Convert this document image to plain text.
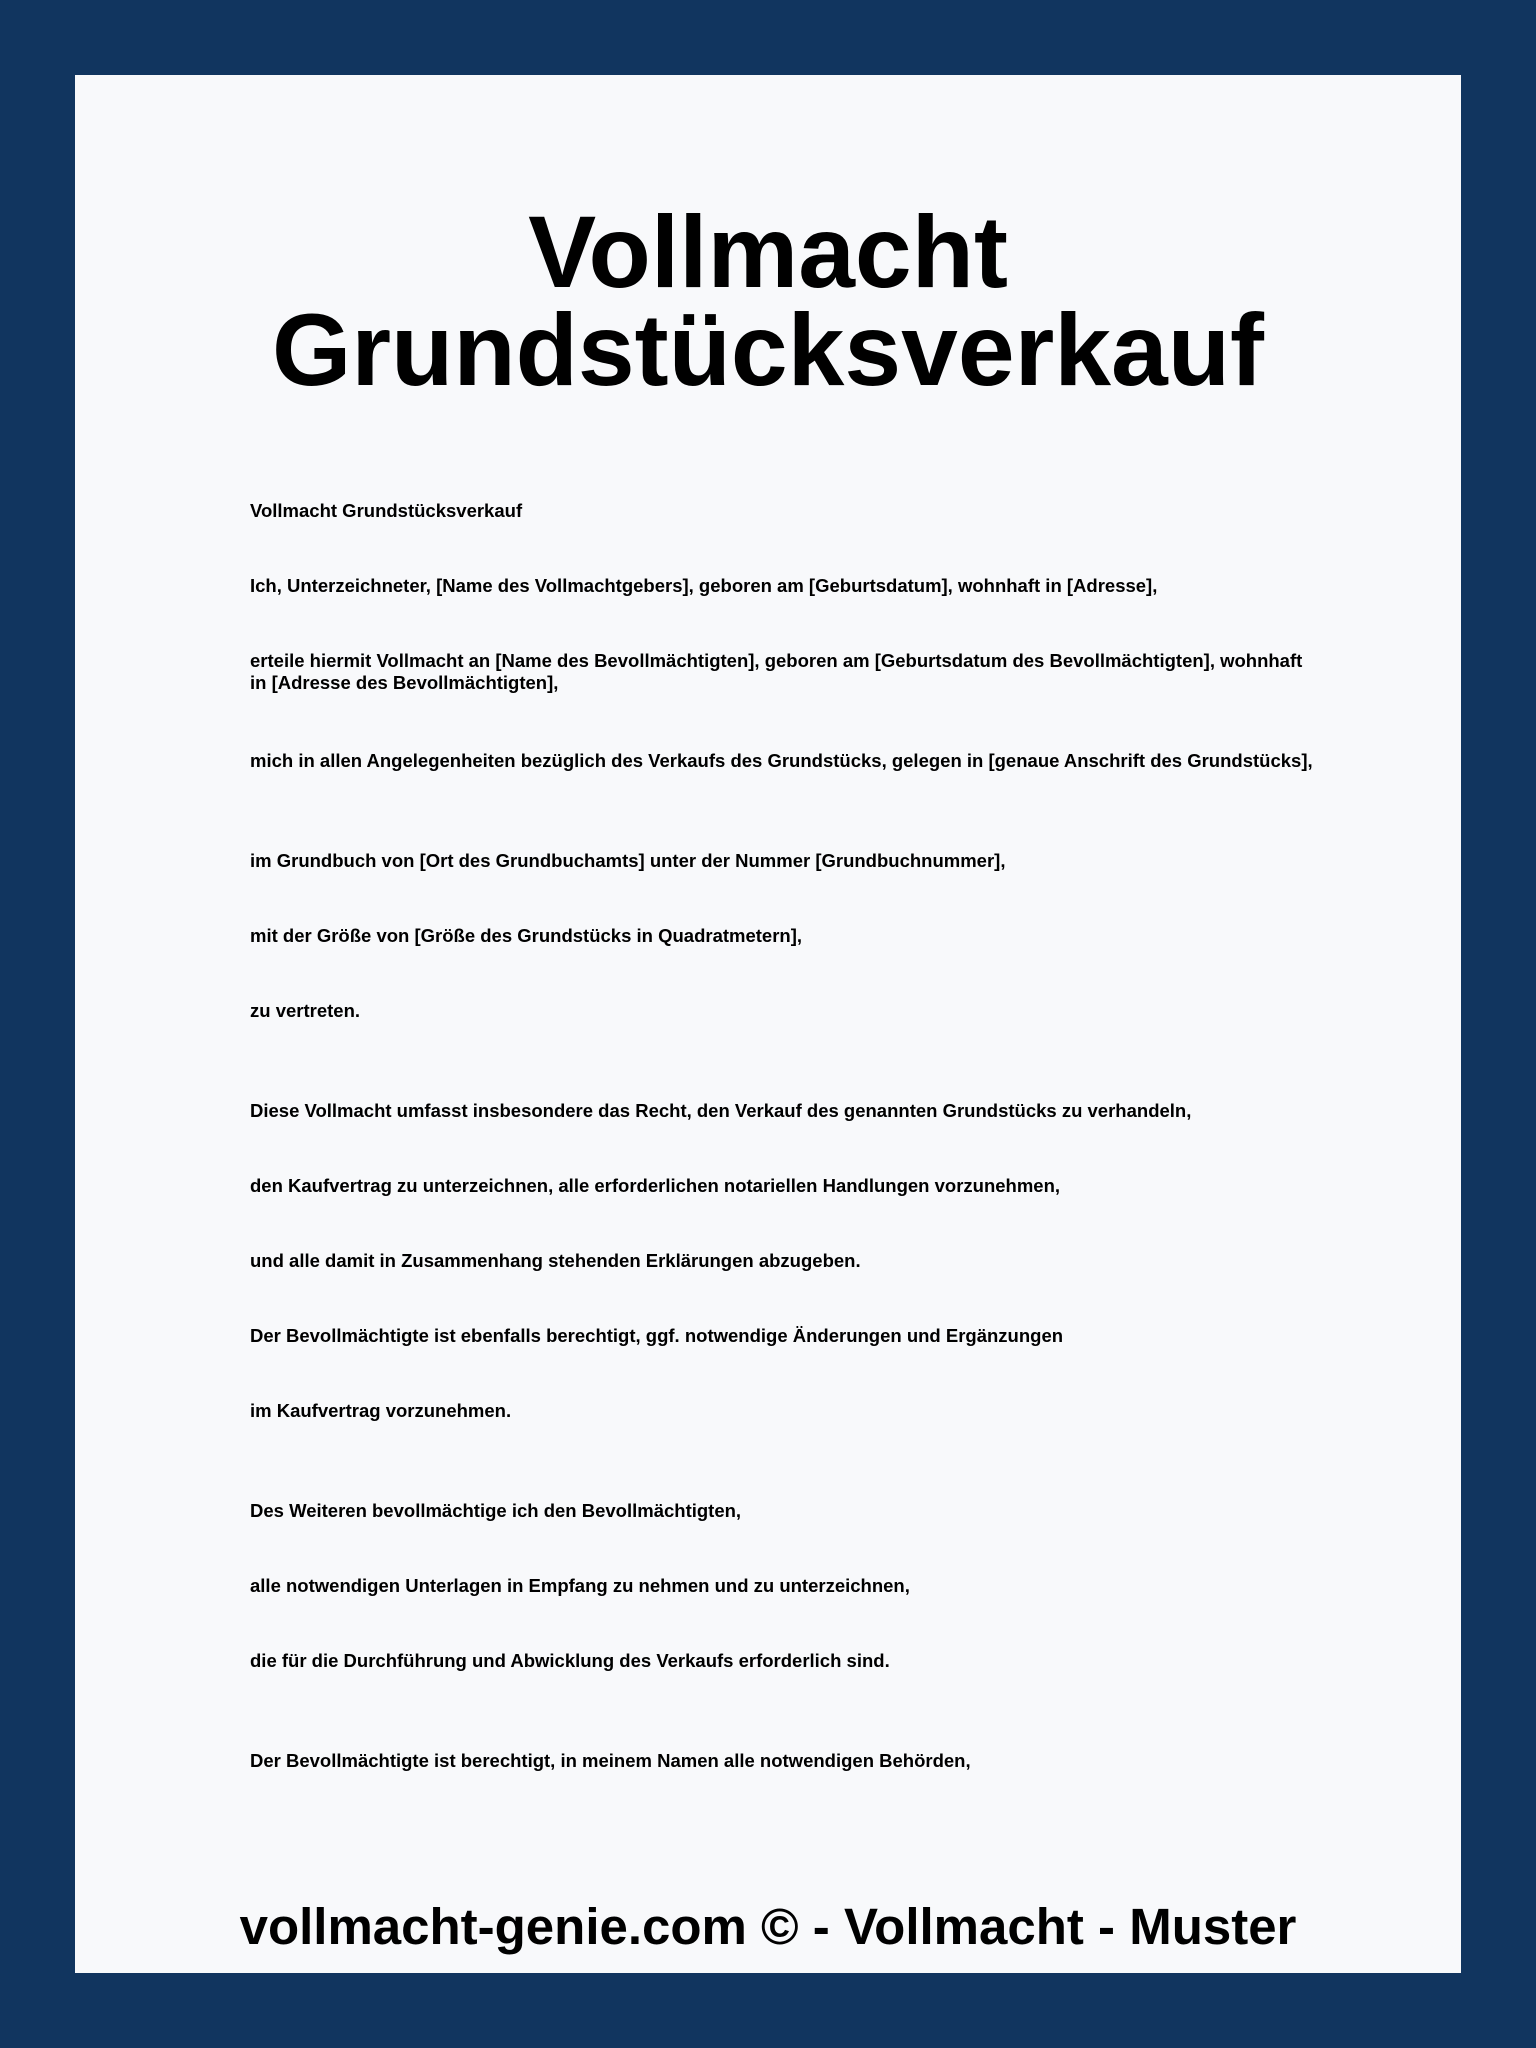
Vollmacht
Grundstücksverkauf

Vollmacht Grundstücksverkauf

Ich, Unterzeichneter, [Name des Vollmachtgebers], geboren am [Geburtsdatum], wohnhaft in [Adresse],

erteile hiermit Vollmacht an [Name des Bevollmächtigten], geboren am [Geburtsdatum des Bevollmächtigten], wohnhaft in [Adresse des Bevollmächtigten],

mich in allen Angelegenheiten bezüglich des Verkaufs des Grundstücks, gelegen in [genaue Anschrift des Grundstücks],

im Grundbuch von [Ort des Grundbuchamts] unter der Nummer [Grundbuchnummer],

mit der Größe von [Größe des Grundstücks in Quadratmetern],

zu vertreten.

Diese Vollmacht umfasst insbesondere das Recht, den Verkauf des genannten Grundstücks zu verhandeln,

den Kaufvertrag zu unterzeichnen, alle erforderlichen notariellen Handlungen vorzunehmen,

und alle damit in Zusammenhang stehenden Erklärungen abzugeben.

Der Bevollmächtigte ist ebenfalls berechtigt, ggf. notwendige Änderungen und Ergänzungen

im Kaufvertrag vorzunehmen.

Des Weiteren bevollmächtige ich den Bevollmächtigten,

alle notwendigen Unterlagen in Empfang zu nehmen und zu unterzeichnen,

die für die Durchführung und Abwicklung des Verkaufs erforderlich sind.

Der Bevollmächtigte ist berechtigt, in meinem Namen alle notwendigen Behörden,

vollmacht-genie.com © - Vollmacht - Muster
